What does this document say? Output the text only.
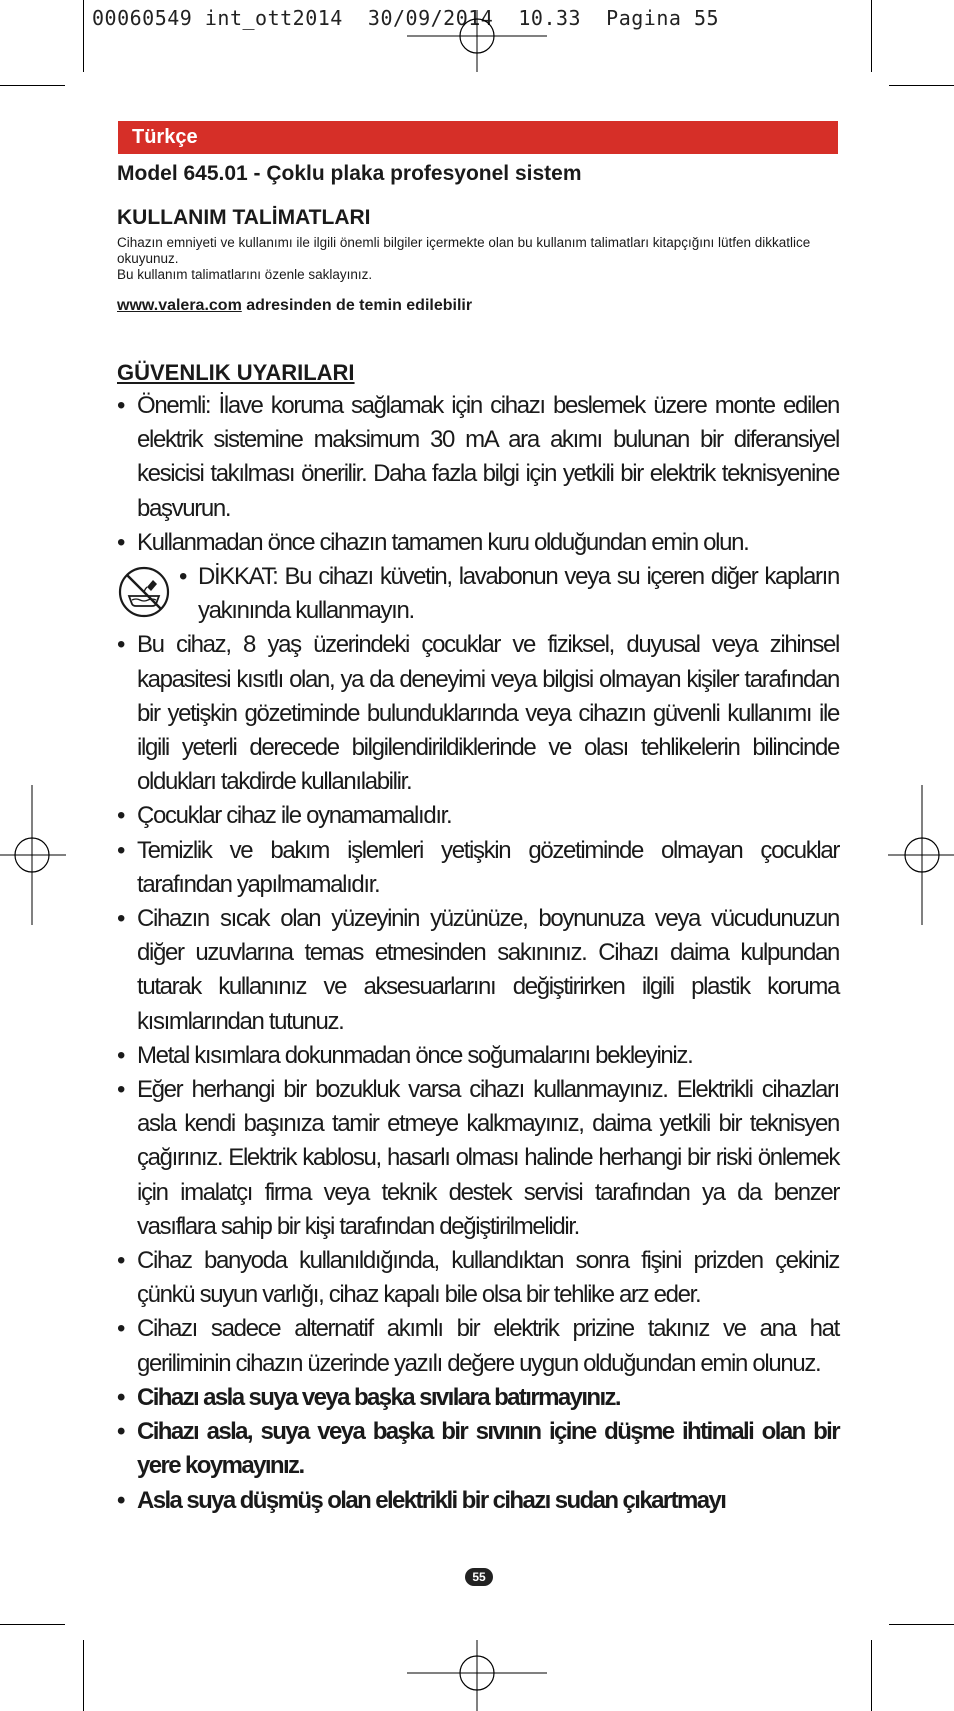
00060549 int_ott2014  30/09/2014  10.33  Pagina 55
Türkçe
Model 645.01 - Çoklu plaka profesyonel sistem
KULLANIM TALİMATLARI

Cihazın emniyeti ve kullanımı ile ilgili önemli bilgiler içermekte olan bu kullanım talimatları kitapçığını lütfen dikkatlice okuyunuz.

Bu kullanım talimatlarını özenle saklayınız.

www.valera.com adresinden de temin edilebilir
GÜVENLIK UYARILARI
• Önemli: İlave koruma sağlamak için cihazı beslemek üzere monte edilen elektrik sistemine maksimum 30 mA ara akımı bulunan bir diferansiyel kesicisi takılması önerilir. Daha fazla bilgi için yetkili bir elektrik teknisyenine başvurun.
• Kullanmadan önce cihazın tamamen kuru olduğundan emin olun.
• DİKKAT: Bu cihazı küvetin, lavabonun veya su içeren diğer kapların yakınında kullanmayın.
• Bu cihaz, 8 yaş üzerindeki çocuklar ve fiziksel, duyusal veya zihinsel kapasitesi kısıtlı olan, ya da deneyimi veya bilgisi olmayan kişiler tarafından bir yetişkin gözetiminde bulunduklarında veya cihazın güvenli kullanımı ile ilgili yeterli derecede bilgilendirildiklerinde ve olası tehlikelerin bilincinde oldukları takdirde kullanılabilir.
• Çocuklar cihaz ile oynamamalıdır.
• Temizlik ve bakım işlemleri yetişkin gözetiminde olmayan çocuklar tarafından yapılmamalıdır.
• Cihazın sıcak olan yüzeyinin yüzünüze, boynunuza veya vücudunuzun diğer uzuvlarına temas etmesinden sakınınız. Cihazı daima kulpundan tutarak kullanınız ve aksesuarlarını değiştirirken ilgili plastik koruma kısımlarından tutunuz.
• Metal kısımlara dokunmadan önce soğumalarını bekleyiniz.
• Eğer herhangi bir bozukluk varsa cihazı kullanmayınız. Elektrikli cihazları asla kendi başınıza tamir etmeye kalkmayınız, daima yetkili bir teknisyen çağırınız. Elektrik kablosu, hasarlı olması halinde herhangi bir riski önlemek için imalatçı firma veya teknik destek servisi tarafından ya da benzer vasıflara sahip bir kişi tarafından değiştirilmelidir.
• Cihaz banyoda kullanıldığında, kullandıktan sonra fişini prizden çekiniz çünkü suyun varlığı, cihaz kapalı bile olsa bir tehlike arz eder.
• Cihazı sadece alternatif akımlı bir elektrik prizine takınız ve ana hat geriliminin cihazın üzerinde yazılı değere uygun olduğundan emin olunuz.
• Cihazı asla suya veya başka sıvılara batırmayınız.
• Cihazı asla, suya veya başka bir sıvının içine düşme ihtimali olan bir yere koymayınız.
• Asla suya düşmüş olan elektrikli bir cihazı sudan çıkartmayı
55
